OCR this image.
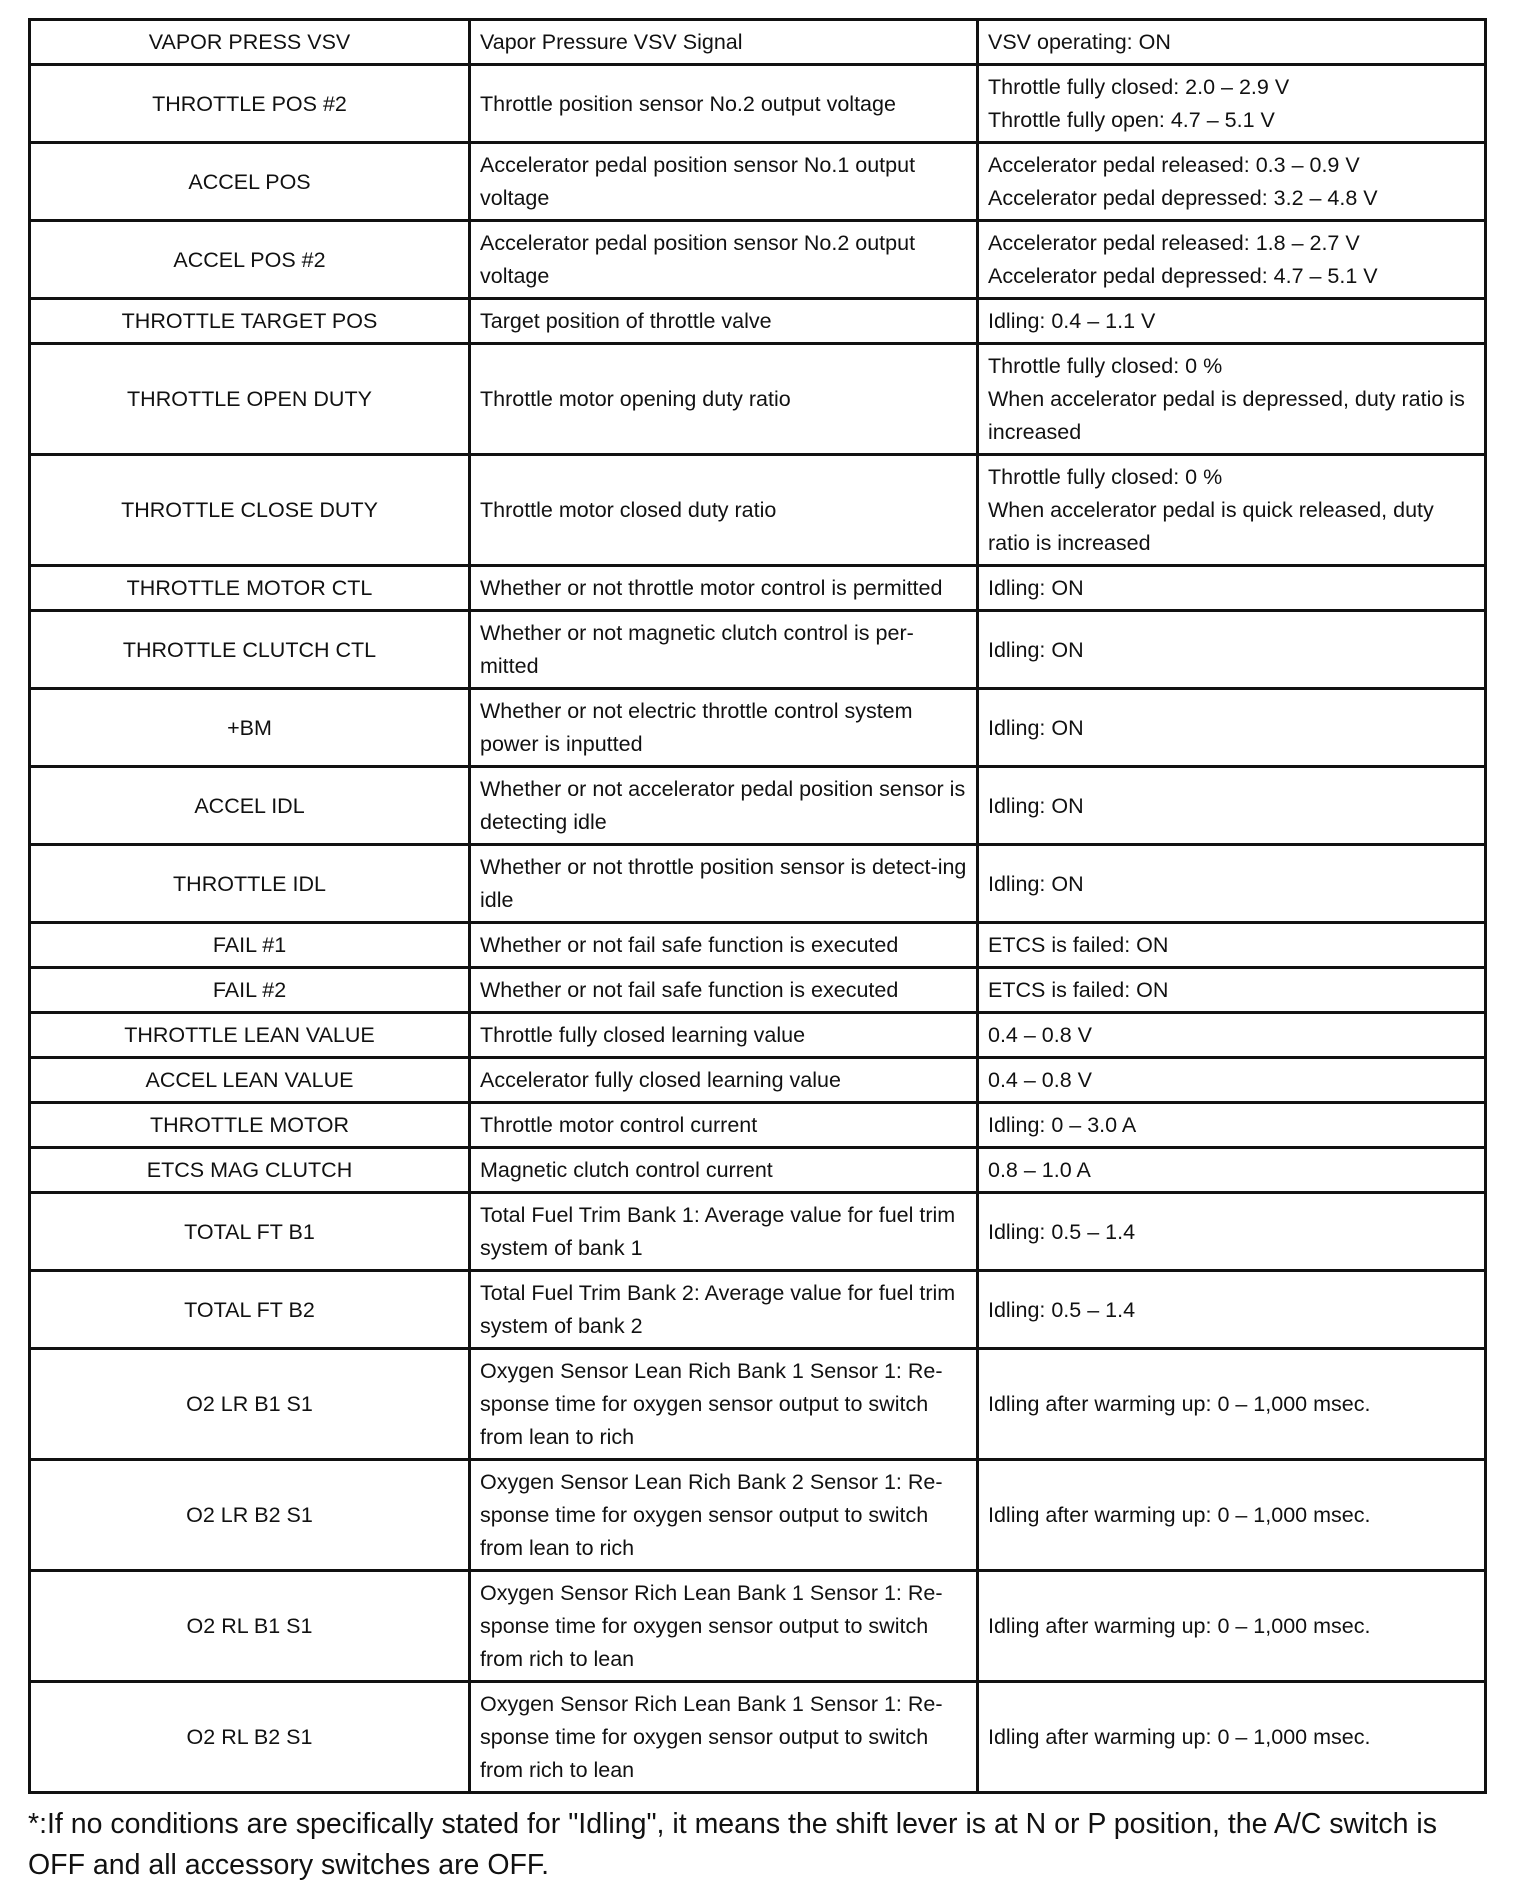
VAPOR PRESS VSV	Vapor Pressure VSV Signal	VSV operating: ON

THROTTLE POS #2	Throttle position sensor No.2 output voltage	Throttle fully closed: 2.0 – 2.9 V
Throttle fully open: 4.7 – 5.1 V

ACCEL POS	Accelerator pedal position sensor No.1 output voltage	Accelerator pedal released: 0.3 – 0.9 V
Accelerator pedal depressed: 3.2 – 4.8 V

ACCEL POS #2	Accelerator pedal position sensor No.2 output voltage	Accelerator pedal released: 1.8 – 2.7 V
Accelerator pedal depressed: 4.7 – 5.1 V

THROTTLE TARGET POS	Target position of throttle valve	Idling: 0.4 – 1.1 V

THROTTLE OPEN DUTY	Throttle motor opening duty ratio	Throttle fully closed: 0 %
When accelerator pedal is depressed, duty ratio is increased

THROTTLE CLOSE DUTY	Throttle motor closed duty ratio	Throttle fully closed: 0 %
When accelerator pedal is quick released, duty ratio is increased

THROTTLE MOTOR CTL	Whether or not throttle motor control is permitted	Idling: ON

THROTTLE CLUTCH CTL	Whether or not magnetic clutch control is per-mitted	Idling: ON

+BM	Whether or not electric throttle control system power is inputted	Idling: ON

ACCEL IDL	Whether or not accelerator pedal position sensor is detecting idle	Idling: ON

THROTTLE IDL	Whether or not throttle position sensor is detect-ing idle	Idling: ON

FAIL #1	Whether or not fail safe function is executed	ETCS is failed: ON

FAIL #2	Whether or not fail safe function is executed	ETCS is failed: ON

THROTTLE LEAN VALUE	Throttle fully closed learning value	0.4 – 0.8 V

ACCEL LEAN VALUE	Accelerator fully closed learning value	0.4 – 0.8 V

THROTTLE MOTOR	Throttle motor control current	Idling: 0 – 3.0 A

ETCS MAG CLUTCH	Magnetic clutch control current	0.8 – 1.0 A

TOTAL FT B1	Total Fuel Trim Bank 1: Average value for fuel trim system of bank 1	Idling: 0.5 – 1.4

TOTAL FT B2	Total Fuel Trim Bank 2: Average value for fuel trim system of bank 2	Idling: 0.5 – 1.4

O2 LR B1 S1	Oxygen Sensor Lean Rich Bank 1 Sensor 1: Re-sponse time for oxygen sensor output to switch from lean to rich	Idling after warming up: 0 – 1,000 msec.

O2 LR B2 S1	Oxygen Sensor Lean Rich Bank 2 Sensor 1: Re-sponse time for oxygen sensor output to switch from lean to rich	Idling after warming up: 0 – 1,000 msec.

O2 RL B1 S1	Oxygen Sensor Rich Lean Bank 1 Sensor 1: Re-sponse time for oxygen sensor output to switch from rich to lean	Idling after warming up: 0 – 1,000 msec.

O2 RL B2 S1	Oxygen Sensor Rich Lean Bank 1 Sensor 1: Re-sponse time for oxygen sensor output to switch from rich to lean	Idling after warming up: 0 – 1,000 msec.
*:If no conditions are specifically stated for "Idling", it means the shift lever is at N or P position, the A/C switch is OFF and all accessory switches are OFF.
